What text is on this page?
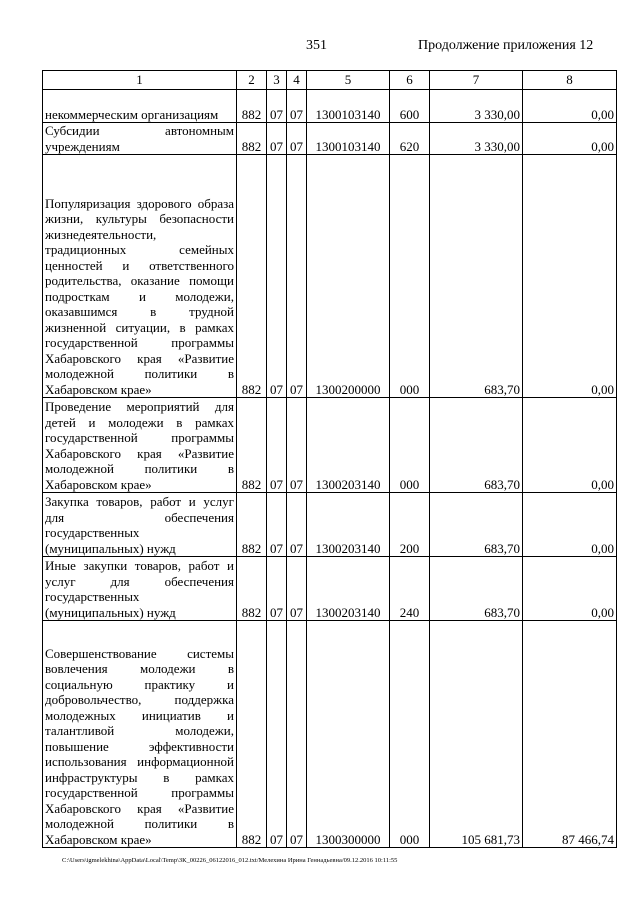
351	Продолжение приложения 12
1	2	3	4	5	6	7	8
некоммерческим организациям	882	07	07	1300103140	600	3 330,00	0,00
Субсидии автономным учреждениям	882	07	07	1300103140	620	3 330,00	0,00
Популяризация здорового образа жизни, культуры безопасности жизнедеятельности, традиционных семейных ценностей и ответственного родительства, оказание помощи подросткам и молодежи, оказавшимся в трудной жизненной ситуации, в рамках государственной программы Хабаровского края «Развитие молодежной политики в Хабаровском крае»	882	07	07	1300200000	000	683,70	0,00
Проведение мероприятий для детей и молодежи в рамках государственной программы Хабаровского края «Развитие молодежной политики в Хабаровском крае»	882	07	07	1300203140	000	683,70	0,00
Закупка товаров, работ и услуг для обеспечения государственных (муниципальных) нужд	882	07	07	1300203140	200	683,70	0,00
Иные закупки товаров, работ и услуг для обеспечения государственных (муниципальных) нужд	882	07	07	1300203140	240	683,70	0,00
Совершенствование системы вовлечения молодежи в социальную практику и добровольчество, поддержка молодежных инициатив и талантливой молодежи, повышение эффективности использования информационной инфраструктуры в рамках государственной программы Хабаровского края «Развитие молодежной политики в Хабаровском крае»	882	07	07	1300300000	000	105 681,73	87 466,74
C:\Users\igmelekhina\AppData\Local\Temp\ЗК_00226_06122016_012.txt/Мелехина Ирина Геннадьевна/09.12.2016 10:11:55
